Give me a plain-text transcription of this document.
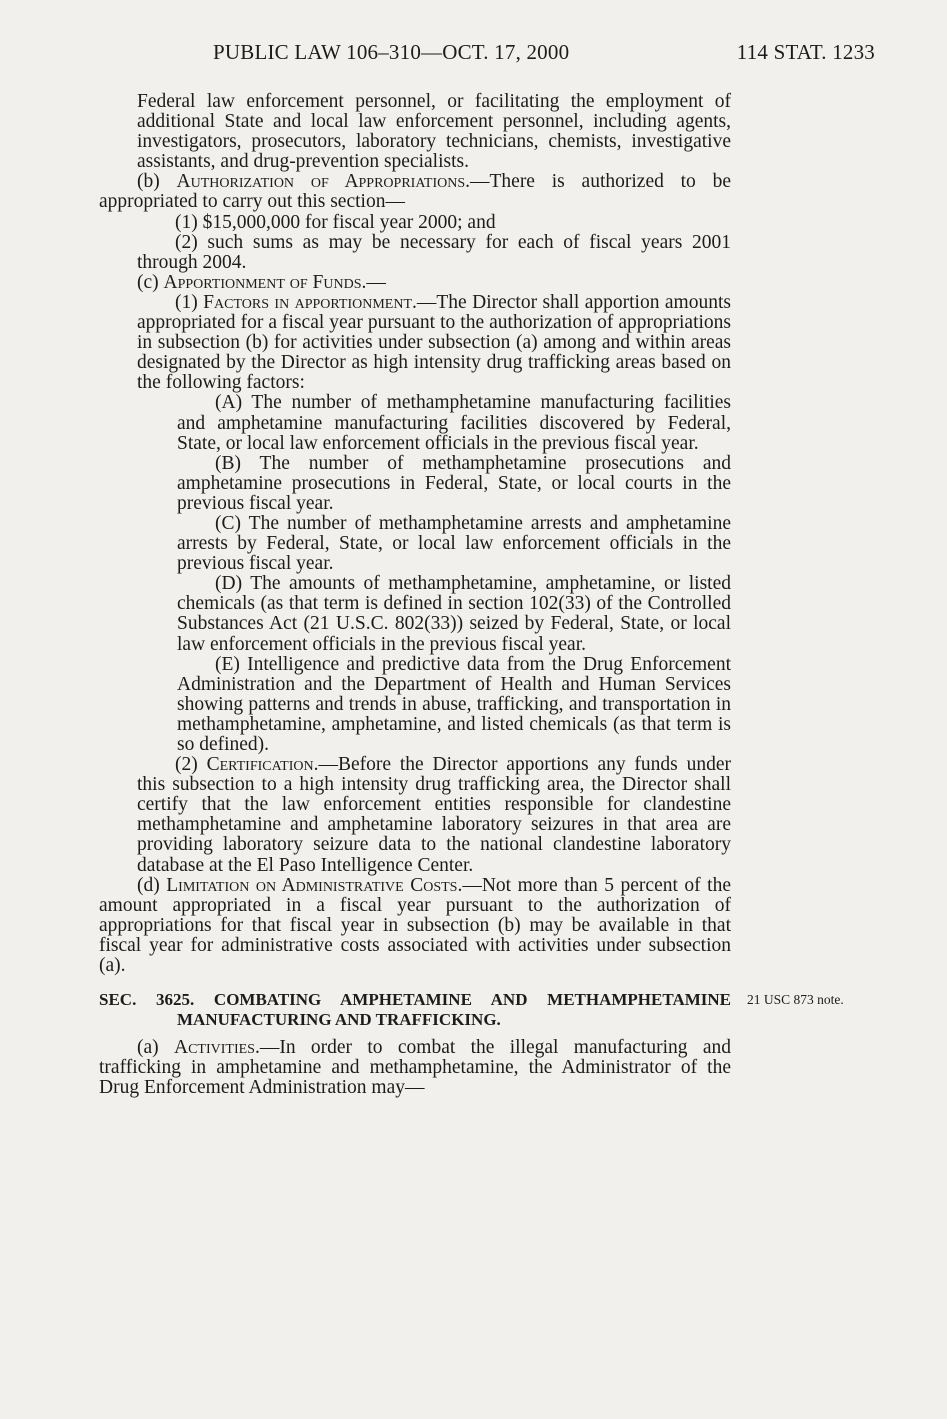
PUBLIC LAW 106–310—OCT. 17, 2000	114 STAT. 1233

Federal law enforcement personnel, or facilitating the employment of additional State and local law enforcement personnel, including agents, investigators, prosecutors, laboratory technicians, chemists, investigative assistants, and drug-prevention specialists.

(b) Authorization of Appropriations.—There is authorized to be appropriated to carry out this section—

(1) $15,000,000 for fiscal year 2000; and

(2) such sums as may be necessary for each of fiscal years 2001 through 2004.

(c) Apportionment of Funds.—

(1) Factors in apportionment.—The Director shall apportion amounts appropriated for a fiscal year pursuant to the authorization of appropriations in subsection (b) for activities under subsection (a) among and within areas designated by the Director as high intensity drug trafficking areas based on the following factors:

(A) The number of methamphetamine manufacturing facilities and amphetamine manufacturing facilities discovered by Federal, State, or local law enforcement officials in the previous fiscal year.

(B) The number of methamphetamine prosecutions and amphetamine prosecutions in Federal, State, or local courts in the previous fiscal year.

(C) The number of methamphetamine arrests and amphetamine arrests by Federal, State, or local law enforcement officials in the previous fiscal year.

(D) The amounts of methamphetamine, amphetamine, or listed chemicals (as that term is defined in section 102(33) of the Controlled Substances Act (21 U.S.C. 802(33)) seized by Federal, State, or local law enforcement officials in the previous fiscal year.

(E) Intelligence and predictive data from the Drug Enforcement Administration and the Department of Health and Human Services showing patterns and trends in abuse, trafficking, and transportation in methamphetamine, amphetamine, and listed chemicals (as that term is so defined).

(2) Certification.—Before the Director apportions any funds under this subsection to a high intensity drug trafficking area, the Director shall certify that the law enforcement entities responsible for clandestine methamphetamine and amphetamine laboratory seizures in that area are providing laboratory seizure data to the national clandestine laboratory database at the El Paso Intelligence Center.

(d) Limitation on Administrative Costs.—Not more than 5 percent of the amount appropriated in a fiscal year pursuant to the authorization of appropriations for that fiscal year in subsection (b) may be available in that fiscal year for administrative costs associated with activities under subsection (a).

SEC. 3625. COMBATING AMPHETAMINE AND METHAMPHETAMINE MANUFACTURING AND TRAFFICKING.

21 USC 873 note.

(a) Activities.—In order to combat the illegal manufacturing and trafficking in amphetamine and methamphetamine, the Administrator of the Drug Enforcement Administration may—
